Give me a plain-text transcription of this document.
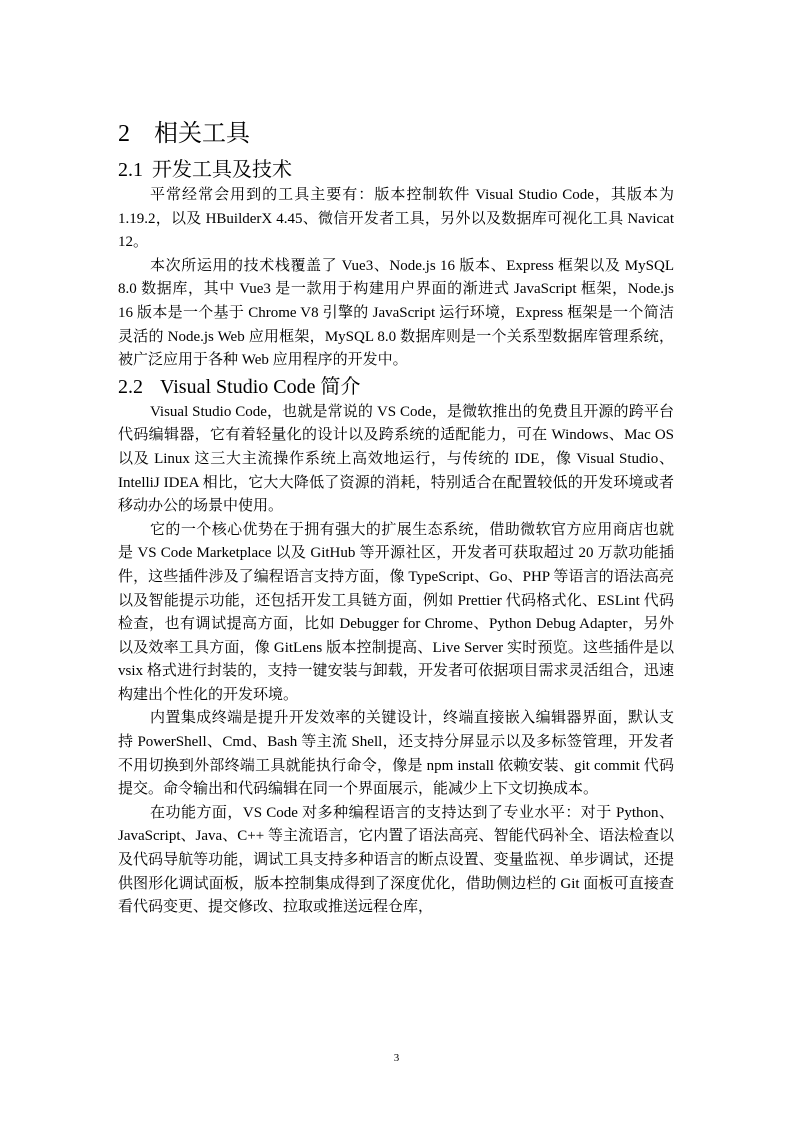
2 相关工具
2.1 开发工具及技术

平常经常会用到的工具主要有：版本控制软件 Visual Studio Code，其版本为 1.19.2，以及 HBuilderX 4.45、微信开发者工具，另外以及数据库可视化工具 Navicat 12。

本次所运用的技术栈覆盖了 Vue3、Node.js 16 版本、Express 框架以及 MySQL 8.0 数据库，其中 Vue3 是一款用于构建用户界面的渐进式 JavaScript 框架，Node.js 16 版本是一个基于 Chrome V8 引擎的 JavaScript 运行环境，Express 框架是一个简洁灵活的 Node.js Web 应用框架，MySQL 8.0 数据库则是一个关系型数据库管理系统，被广泛应用于各种 Web 应用程序的开发中。

2.2 Visual Studio Code 简介

Visual Studio Code，也就是常说的 VS Code，是微软推出的免费且开源的跨平台代码编辑器，它有着轻量化的设计以及跨系统的适配能力，可在 Windows、Mac OS 以及 Linux 这三大主流操作系统上高效地运行，与传统的 IDE，像 Visual Studio、IntelliJ IDEA 相比，它大大降低了资源的消耗，特别适合在配置较低的开发环境或者移动办公的场景中使用。

它的一个核心优势在于拥有强大的扩展生态系统，借助微软官方应用商店也就是 VS Code Marketplace 以及 GitHub 等开源社区，开发者可获取超过 20 万款功能插件，这些插件涉及了编程语言支持方面，像 TypeScript、Go、PHP 等语言的语法高亮以及智能提示功能，还包括开发工具链方面，例如 Prettier 代码格式化、ESLint 代码检查，也有调试提高方面，比如 Debugger for Chrome、Python Debug Adapter，另外以及效率工具方面，像 GitLens 版本控制提高、Live Server 实时预览。这些插件是以 vsix 格式进行封装的，支持一键安装与卸载，开发者可依据项目需求灵活组合，迅速构建出个性化的开发环境。

内置集成终端是提升开发效率的关键设计，终端直接嵌入编辑器界面，默认支持 PowerShell、Cmd、Bash 等主流 Shell，还支持分屏显示以及多标签管理，开发者不用切换到外部终端工具就能执行命令，像是 npm install 依赖安装、git commit 代码提交。命令输出和代码编辑在同一个界面展示，能减少上下文切换成本。

在功能方面，VS Code 对多种编程语言的支持达到了专业水平：对于 Python、JavaScript、Java、C++ 等主流语言，它内置了语法高亮、智能代码补全、语法检查以及代码导航等功能，调试工具支持多种语言的断点设置、变量监视、单步调试，还提供图形化调试面板，版本控制集成得到了深度优化，借助侧边栏的 Git 面板可直接查看代码变更、提交修改、拉取或推送远程仓库，

3
